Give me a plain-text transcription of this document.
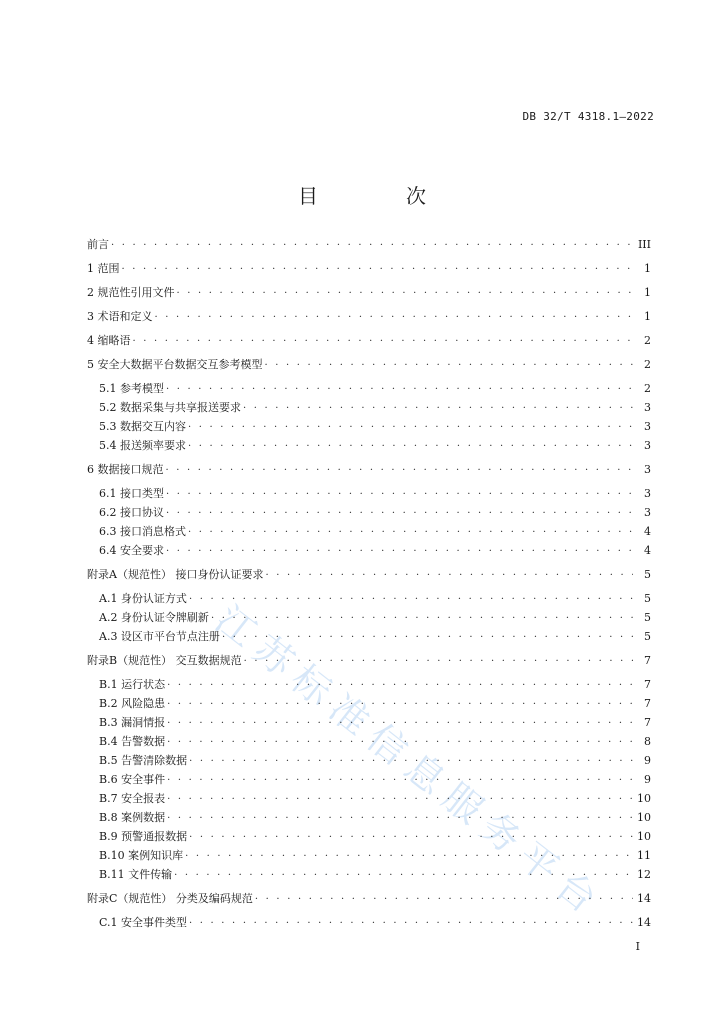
DB 32/T 4318.1—2022
目　次
江苏标准信息服务平台
前言 · · ·	III
1 范围 · · ·	1
2 规范性引用文件 · · ·	1
3 术语和定义 · · ·	1
4 缩略语 · · ·	2
5 安全大数据平台数据交互参考模型 · · ·	2
5.1 参考模型 · · ·	2
5.2 数据采集与共享报送要求 · · ·	3
5.3 数据交互内容 · · ·	3
5.4 报送频率要求 · · ·	3
6 数据接口规范 · · ·	3
6.1 接口类型 · · ·	3
6.2 接口协议 · · ·	3
6.3 接口消息格式 · · ·	4
6.4 安全要求 · · ·	4
附录A（规范性） 接口身份认证要求 · · ·	5
A.1 身份认证方式 · · ·	5
A.2 身份认证令牌刷新 · · ·	5
A.3 设区市平台节点注册 · · ·	5
附录B（规范性） 交互数据规范 · · ·	7
B.1 运行状态 · · ·	7
B.2 风险隐患 · · ·	7
B.3 漏洞情报 · · ·	7
B.4 告警数据 · · ·	8
B.5 告警清除数据 · · ·	9
B.6 安全事件 · · ·	9
B.7 安全报表 · · ·	10
B.8 案例数据 · · ·	10
B.9 预警通报数据 · · ·	10
B.10 案例知识库 · · ·	11
B.11 文件传输 · · ·	12
附录C（规范性） 分类及编码规范 · · ·	14
C.1 安全事件类型 · · ·	14
I
